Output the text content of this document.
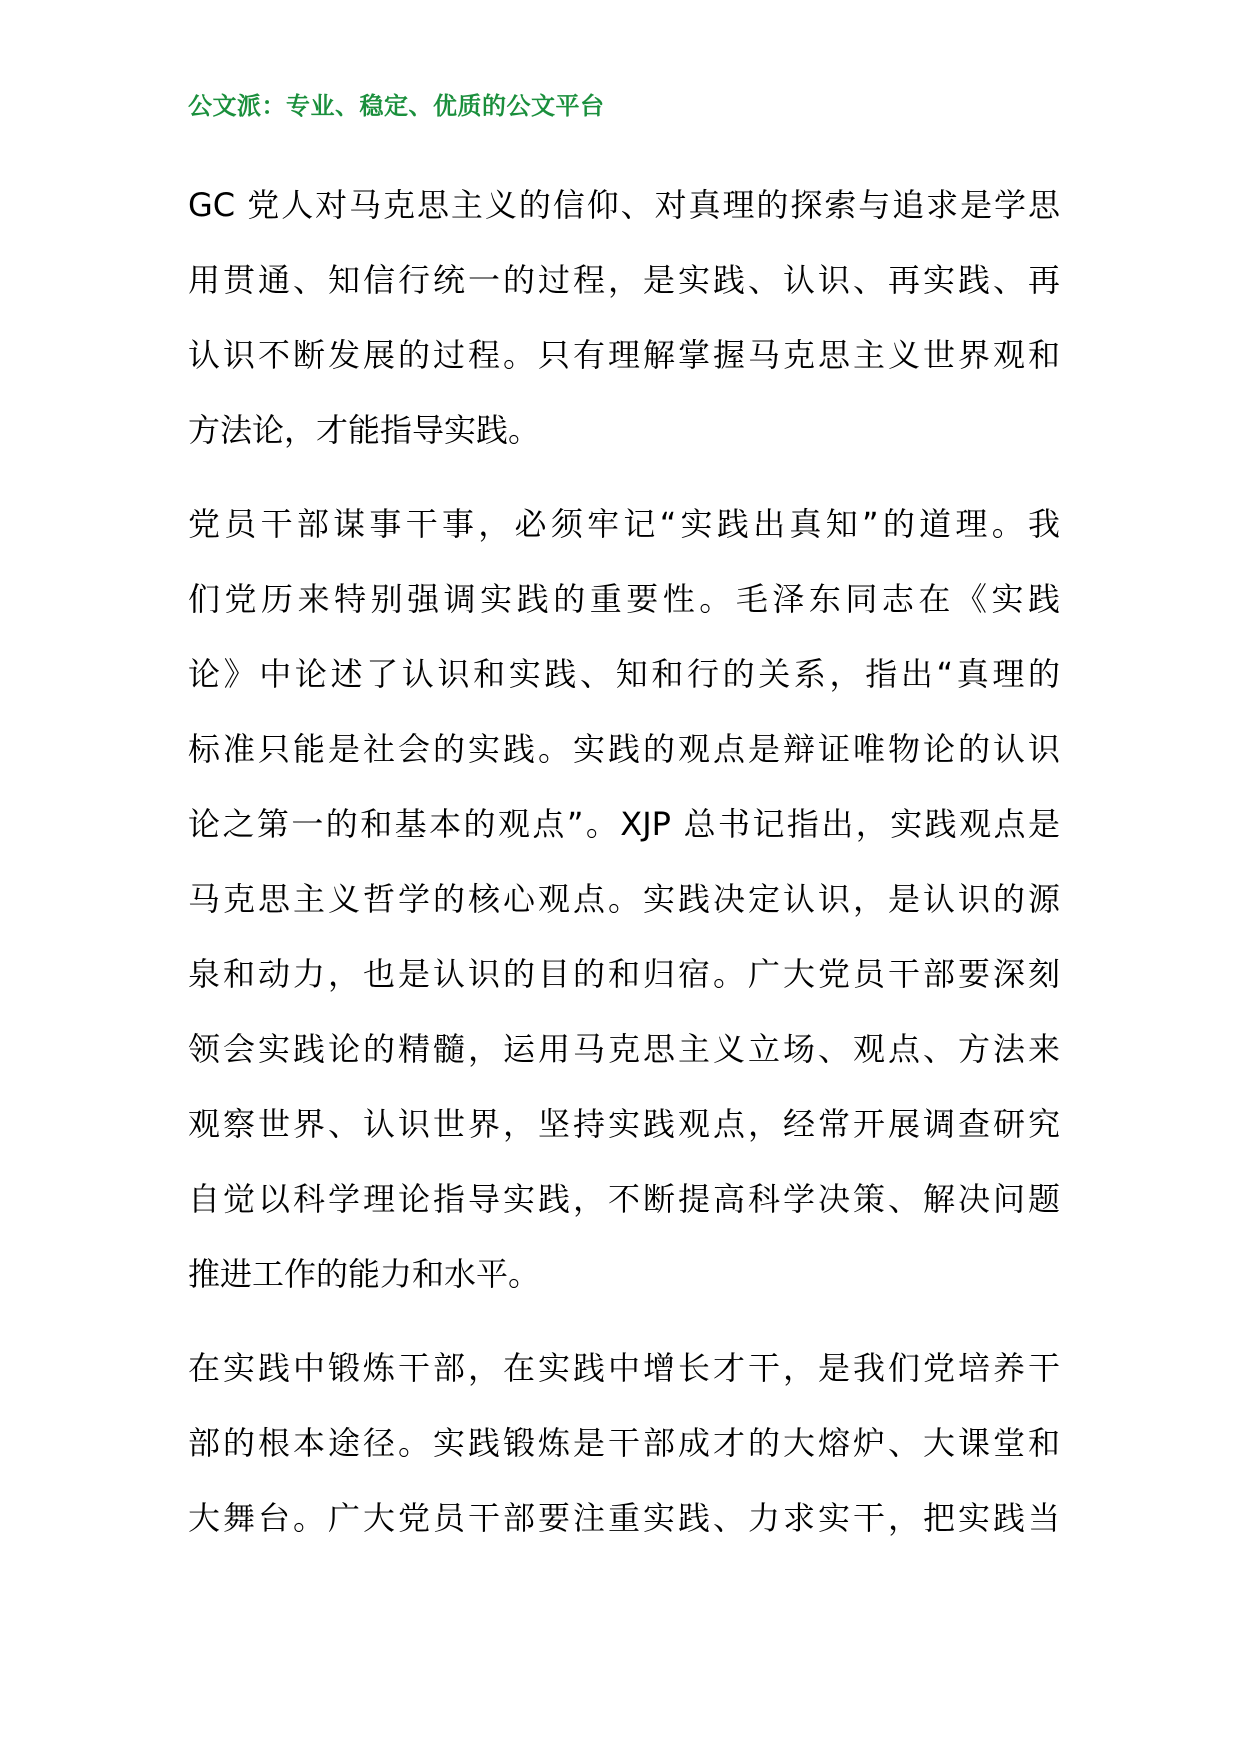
公文派：专业、稳定、优质的公文平台
GC 党人对马克思主义的信仰、对真理的探索与追求是学思
用贯通、知信行统一的过程，是实践、认识、再实践、再
认识不断发展的过程。只有理解掌握马克思主义世界观和
方法论，才能指导实践。
党员干部谋事干事，必须牢记“实践出真知”的道理。我
们党历来特别强调实践的重要性。毛泽东同志在《实践
论》中论述了认识和实践、知和行的关系，指出“真理的
标准只能是社会的实践。实践的观点是辩证唯物论的认识
论之第一的和基本的观点”。XJP 总书记指出，实践观点是
马克思主义哲学的核心观点。实践决定认识，是认识的源
泉和动力，也是认识的目的和归宿。广大党员干部要深刻
领会实践论的精髓，运用马克思主义立场、观点、方法来
观察世界、认识世界，坚持实践观点，经常开展调查研究
自觉以科学理论指导实践，不断提高科学决策、解决问题
推进工作的能力和水平。
在实践中锻炼干部，在实践中增长才干，是我们党培养干
部的根本途径。实践锻炼是干部成才的大熔炉、大课堂和
大舞台。广大党员干部要注重实践、力求实干，把实践当
